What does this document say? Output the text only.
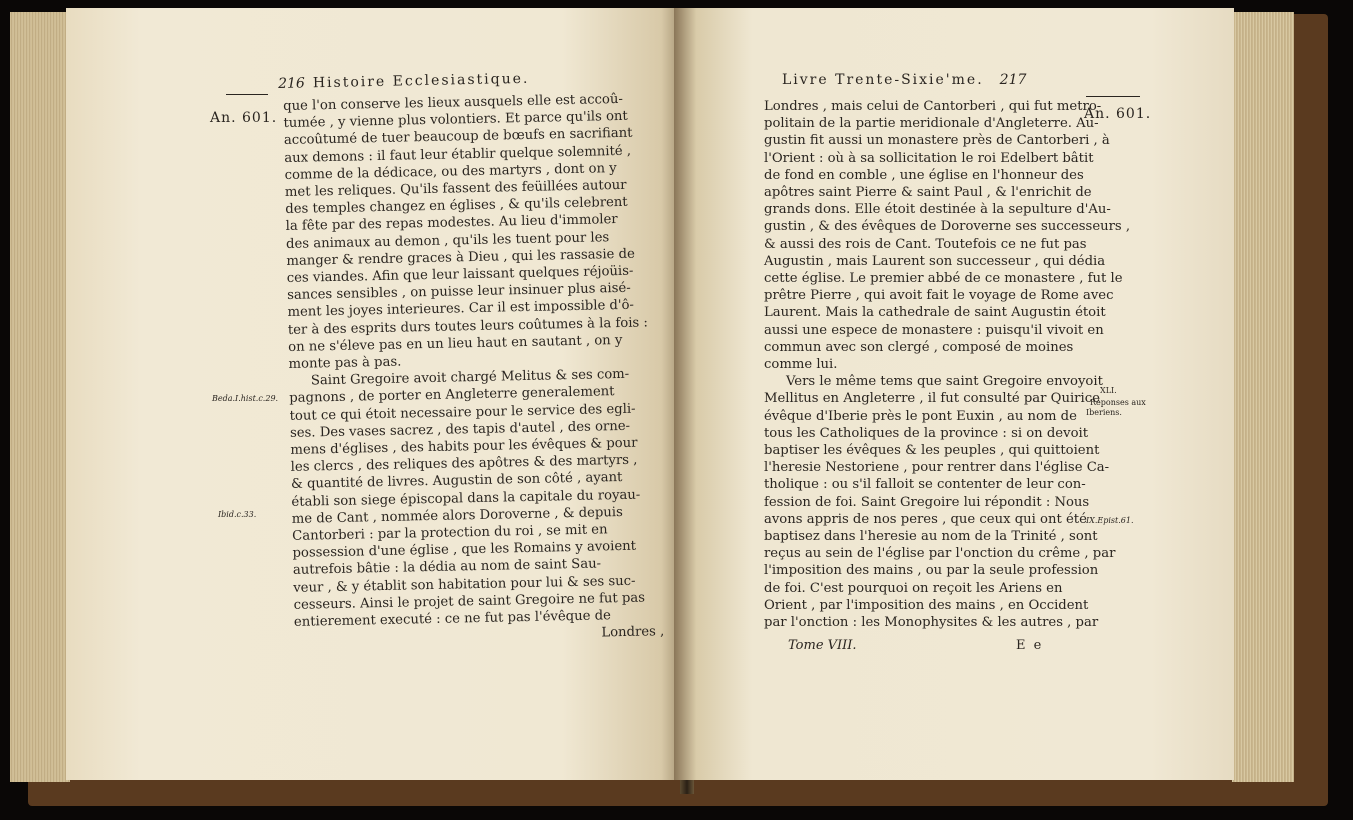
216 Histoire Ecclesiastique.
An. 601.
Beda.I.hist.c.29.
Ibid.c.33.
que l'on conserve les lieux ausquels elle est accoû-
tumée , y vienne plus volontiers. Et parce qu'ils ont
accoûtumé de tuer beaucoup de bœufs en sacrifiant
aux demons : il faut leur établir quelque solemnité ,
comme de la dédicace, ou des martyrs , dont on y
met les reliques. Qu'ils fassent des feüillées autour
des temples changez en églises , & qu'ils celebrent
la fête par des repas modestes. Au lieu d'immoler
des animaux au demon , qu'ils les tuent pour les
manger & rendre graces à Dieu , qui les rassasie de
ces viandes. Afin que leur laissant quelques réjoüis-
sances sensibles , on puisse leur insinuer plus aisé-
ment les joyes interieures. Car il est impossible d'ô-
ter à des esprits durs toutes leurs coûtumes à la fois :
on ne s'éleve pas en un lieu haut en sautant , on y
monte pas à pas.
Saint Gregoire avoit chargé Melitus & ses com-
pagnons , de porter en Angleterre generalement
tout ce qui étoit necessaire pour le service des egli-
ses. Des vases sacrez , des tapis d'autel , des orne-
mens d'églises , des habits pour les évêques & pour
les clercs , des reliques des apôtres & des martyrs ,
& quantité de livres. Augustin de son côté , ayant
établi son siege épiscopal dans la capitale du royau-
me de Cant , nommée alors Doroverne , & depuis
Cantorberi : par la protection du roi , se mit en
possession d'une église , que les Romains y avoient
autrefois bâtie : la dédia au nom de saint Sau-
veur , & y établit son habitation pour lui & ses suc-
cesseurs. Ainsi le projet de saint Gregoire ne fut pas
entierement executé : ce ne fut pas l'évêque de
Londres ,
Livre Trente-Sixie'me. 217
An. 601.
XLI.
Réponses aux
Iberiens.
IX.Epist.61.
Londres , mais celui de Cantorberi , qui fut metro-
politain de la partie meridionale d'Angleterre. Au-
gustin fit aussi un monastere près de Cantorberi , à
l'Orient : où à sa sollicitation le roi Edelbert bâtit
de fond en comble , une église en l'honneur des
apôtres saint Pierre & saint Paul , & l'enrichit de
grands dons. Elle étoit destinée à la sepulture d'Au-
gustin , & des évêques de Doroverne ses successeurs ,
& aussi des rois de Cant. Toutefois ce ne fut pas
Augustin , mais Laurent son successeur , qui dédia
cette église. Le premier abbé de ce monastere , fut le
prêtre Pierre , qui avoit fait le voyage de Rome avec
Laurent. Mais la cathedrale de saint Augustin étoit
aussi une espece de monastere : puisqu'il vivoit en
commun avec son clergé , composé de moines
comme lui.
Vers le même tems que saint Gregoire envoyoit
Mellitus en Angleterre , il fut consulté par Quirice
évêque d'Iberie près le pont Euxin , au nom de
tous les Catholiques de la province : si on devoit
baptiser les évêques & les peuples , qui quittoient
l'heresie Nestoriene , pour rentrer dans l'église Ca-
tholique : ou s'il falloit se contenter de leur con-
fession de foi. Saint Gregoire lui répondit : Nous
avons appris de nos peres , que ceux qui ont été
baptisez dans l'heresie au nom de la Trinité , sont
reçus au sein de l'église par l'onction du crême , par
l'imposition des mains , ou par la seule profession
de foi. C'est pourquoi on reçoit les Ariens en
Orient , par l'imposition des mains , en Occident
par l'onction : les Monophysites & les autres , par
Tome VIII.	E e
